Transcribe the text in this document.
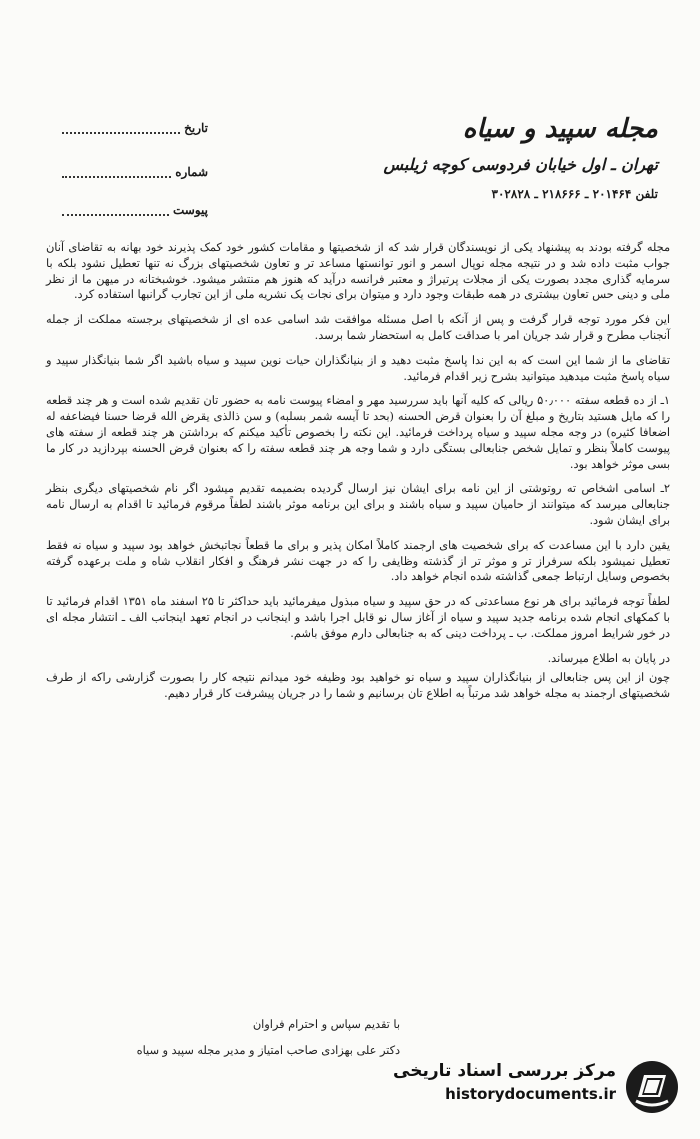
مجله سپید و سیاه
تهران ـ اول خیابان فردوسی کوچه ژیلبس
تلفن ۲۰۱۴۶۴ ـ ۲۱۸۶۶۶ ـ ۳۰۲۸۲۸
تاریخ
شماره
پیوست

مجله گرفته بودند به پیشنهاد یکی از نویسندگان قرار شد که از شخصیتها و مقامات کشور خود کمک پذیرند خود بهانه به تقاضای آنان جواب مثبت داده شد و در نتیجه مجله نوپال اسمر و انور توانستها مساعد تر و تعاون شخصیتهای بزرگ نه تنها تعطیل نشود بلکه با سرمایه گذاری مجدد بصورت یکی از مجلات پرتیراژ و معتبر فرانسه درآید که هنوز هم منتشر میشود. خوشبختانه در میهن ما از نظر ملی و دینی حس تعاون بیشتری در همه طبقات وجود دارد و میتوان برای نجات یک نشریه ملی از این تجارب گرانبها استفاده کرد.

این فکر مورد توجه قرار گرفت و پس از آنکه با اصل مسئله موافقت شد اسامی عده ای از شخصیتهای برجسته مملکت از جمله آنجناب مطرح و قرار شد جریان امر با صداقت کامل به استحضار شما برسد.

تقاضای ما از شما این است که به این ندا پاسخ مثبت دهید و از بنیانگذاران حیات نوین سپید و سیاه باشید اگر شما بنیانگذار سپید و سیاه پاسخ مثبت میدهید میتوانید بشرح زیر اقدام فرمائید.

۱ـ از ده قطعه سفته ۵۰٫۰۰۰ ریالی که کلیه آنها باید سررسید مهر و امضاء پیوست نامه به حضور تان تقدیم شده است و هر چند قطعه را که مایل هستید بتاریخ و مبلغ آن را بعنوان قرض الحسنه (بحد تا آیسه شمر بسلبه) و سن ذالذی یقرض الله قرضا حسنا فیضاعفه له اضعافا کثیره) در وجه مجله سپید و سیاه پرداخت فرمائید. این نکته را بخصوص تأکید میکنم که برداشتن هر چند قطعه از سفته های پیوست کاملاً بنظر و تمایل شخص جنابعالی بستگی دارد و شما وجه هر چند قطعه سفته را که بعنوان قرض الحسنه بپردازید در کار ما بسی موثر خواهد بود.

۲ـ اسامی اشخاص ته روتوشتی از این نامه برای ایشان نیز ارسال گردیده بضمیمه تقدیم میشود اگر نام شخصیتهای دیگری بنظر جنابعالی میرسد که میتوانند از حامیان سپید و سیاه باشند و برای این برنامه موثر باشند لطفاً مرقوم فرمائید تا اقدام به ارسال نامه برای ایشان شود.

یقین دارد با این مساعدت که برای شخصیت های ارجمند کاملاً امکان پذیر و برای ما قطعاً نجاتبخش خواهد بود سپید و سیاه نه فقط تعطیل نمیشود بلکه سرفراز تر و موثر تر از گذشته وظایفی را که در جهت نشر فرهنگ و افکار انقلاب شاه و ملت برعهده گرفته بخصوص وسایل ارتباط جمعی گذاشته شده انجام خواهد داد.

لطفاً توجه فرمائید برای هر نوع مساعدتی که در حق سپید و سیاه مبذول میفرمائید باید حداکثر تا ۲۵ اسفند ماه ۱۳۵۱ اقدام فرمائید تا با کمکهای انجام شده برنامه جدید سپید و سیاه از آغاز سال نو قابل اجرا باشد و اینجانب در انجام تعهد اینجانب الف ـ انتشار مجله ای در خور شرایط امروز مملکت. ب ـ پرداخت دینی که به جنابعالی دارم موفق باشم.

در پایان به اطلاع میرساند.

چون از این پس جنابعالی از بنیانگذاران سپید و سیاه نو خواهید بود وظیفه خود میدانم نتیجه کار را بصورت گزارشی راکه از طرف شخصیتهای ارجمند به مجله خواهد شد مرتباً به اطلاع تان برسانیم و شما را در جریان پیشرفت کار قرار دهیم.

با تقدیم سپاس و احترام فراوان
دکتر علی بهزادی صاحب امتیاز و مدیر مجله سپید و سیاه
مرکز بررسی اسناد تاریخی
historydocuments.ir
